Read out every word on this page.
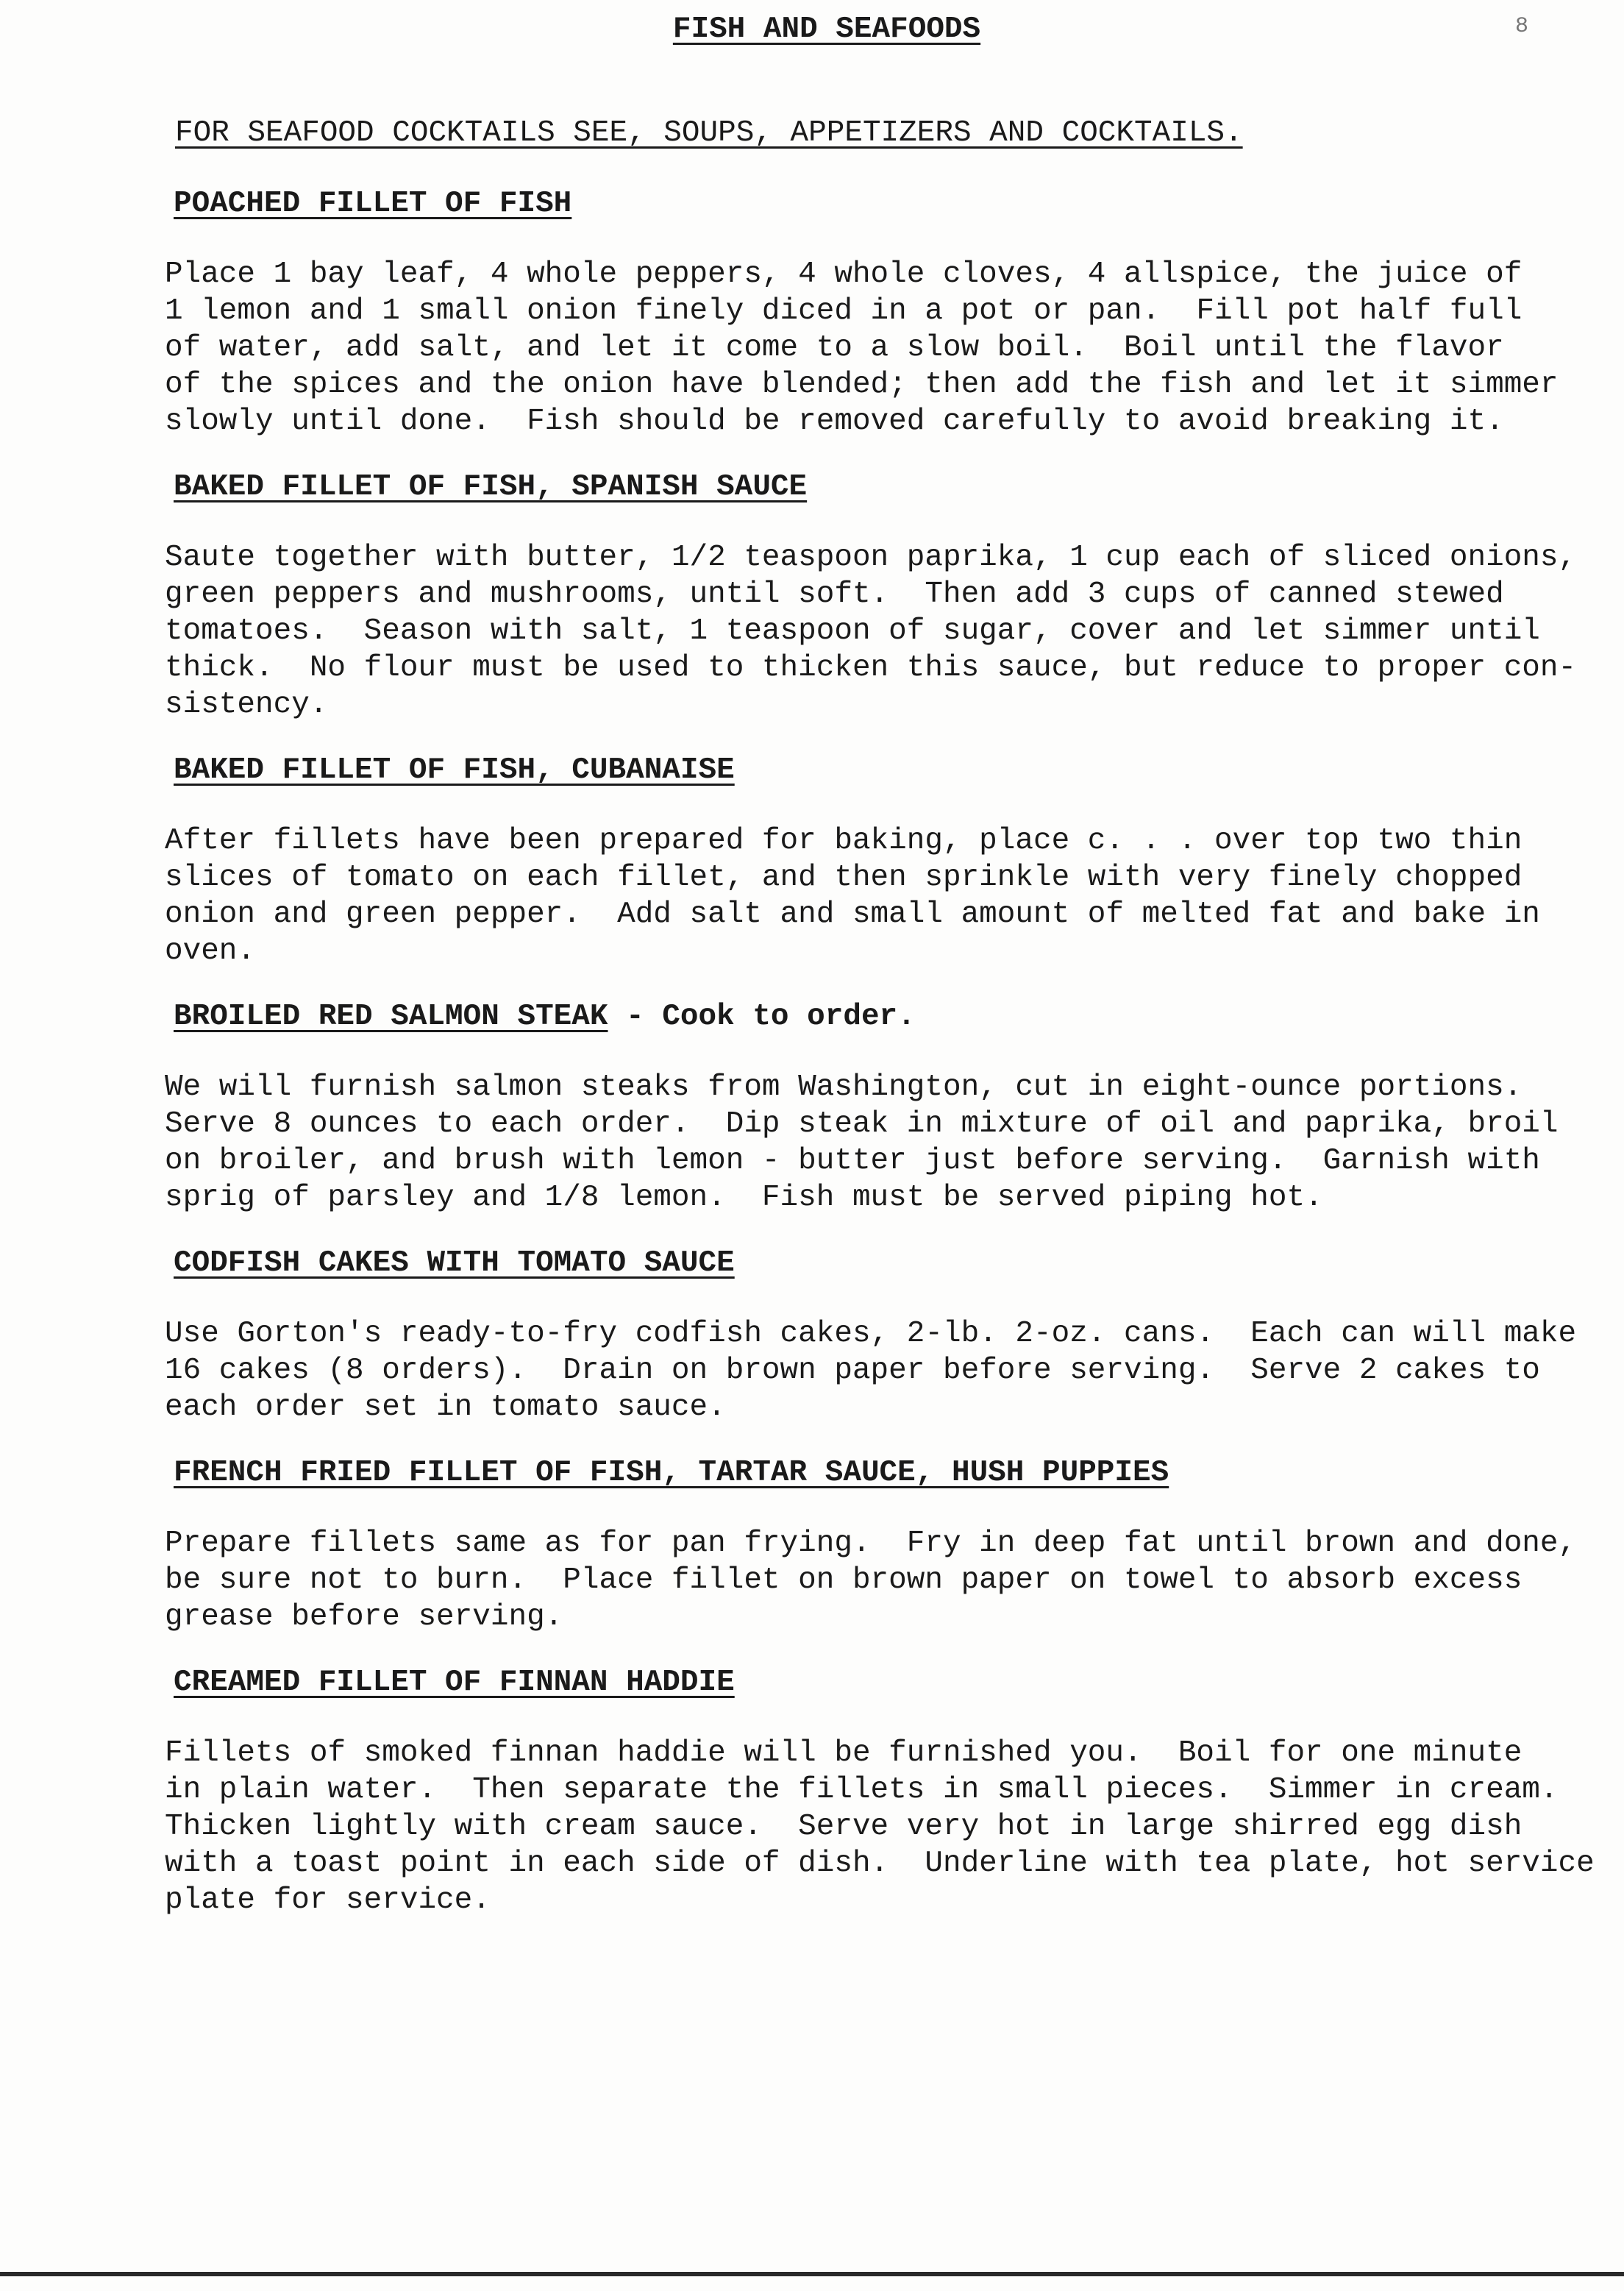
FISH AND SEAFOODS	8

FOR SEAFOOD COCKTAILS SEE, SOUPS, APPETIZERS AND COCKTAILS.

POACHED FILLET OF FISH

Place 1 bay leaf, 4 whole peppers, 4 whole cloves, 4 allspice, the juice of
1 lemon and 1 small onion finely diced in a pot or pan.  Fill pot half full
of water, add salt, and let it come to a slow boil.  Boil until the flavor
of the spices and the onion have blended; then add the fish and let it simmer
slowly until done.  Fish should be removed carefully to avoid breaking it.

BAKED FILLET OF FISH, SPANISH SAUCE

Saute together with butter, 1/2 teaspoon paprika, 1 cup each of sliced onions,
green peppers and mushrooms, until soft.  Then add 3 cups of canned stewed
tomatoes.  Season with salt, 1 teaspoon of sugar, cover and let simmer until
thick.  No flour must be used to thicken this sauce, but reduce to proper con-
sistency.

BAKED FILLET OF FISH, CUBANAISE

After fillets have been prepared for baking, place c. . . over top two thin
slices of tomato on each fillet, and then sprinkle with very finely chopped
onion and green pepper.  Add salt and small amount of melted fat and bake in
oven.

BROILED RED SALMON STEAK - Cook to order.

We will furnish salmon steaks from Washington, cut in eight-ounce portions.
Serve 8 ounces to each order.  Dip steak in mixture of oil and paprika, broil
on broiler, and brush with lemon - butter just before serving.  Garnish with
sprig of parsley and 1/8 lemon.  Fish must be served piping hot.

CODFISH CAKES WITH TOMATO SAUCE

Use Gorton's ready-to-fry codfish cakes, 2-lb. 2-oz. cans.  Each can will make
16 cakes (8 orders).  Drain on brown paper before serving.  Serve 2 cakes to
each order set in tomato sauce.

FRENCH FRIED FILLET OF FISH, TARTAR SAUCE, HUSH PUPPIES

Prepare fillets same as for pan frying.  Fry in deep fat until brown and done,
be sure not to burn.  Place fillet on brown paper on towel to absorb excess
grease before serving.

CREAMED FILLET OF FINNAN HADDIE

Fillets of smoked finnan haddie will be furnished you.  Boil for one minute
in plain water.  Then separate the fillets in small pieces.  Simmer in cream.
Thicken lightly with cream sauce.  Serve very hot in large shirred egg dish
with a toast point in each side of dish.  Underline with tea plate, hot service
plate for service.
